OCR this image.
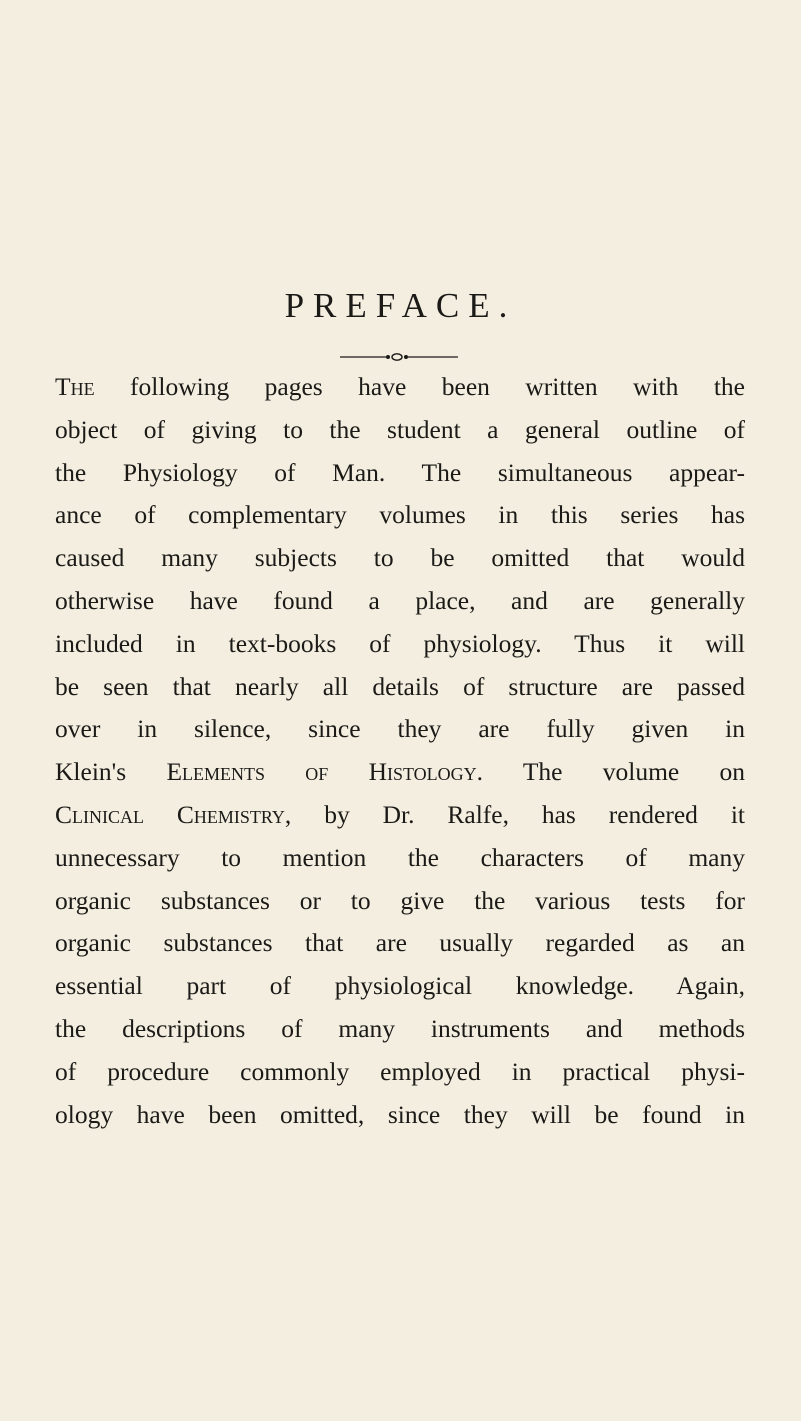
PREFACE.
The following pages have been written with the
object of giving to the student a general outline of
the Physiology of Man. The simultaneous appear-
ance of complementary volumes in this series has
caused many subjects to be omitted that would
otherwise have found a place, and are generally
included in text-books of physiology. Thus it will
be seen that nearly all details of structure are passed
over in silence, since they are fully given in
Klein's Elements of Histology. The volume on
Clinical Chemistry, by Dr. Ralfe, has rendered it
unnecessary to mention the characters of many
organic substances or to give the various tests for
organic substances that are usually regarded as an
essential part of physiological knowledge. Again,
the descriptions of many instruments and methods
of procedure commonly employed in practical physi-
ology have been omitted, since they will be found in
